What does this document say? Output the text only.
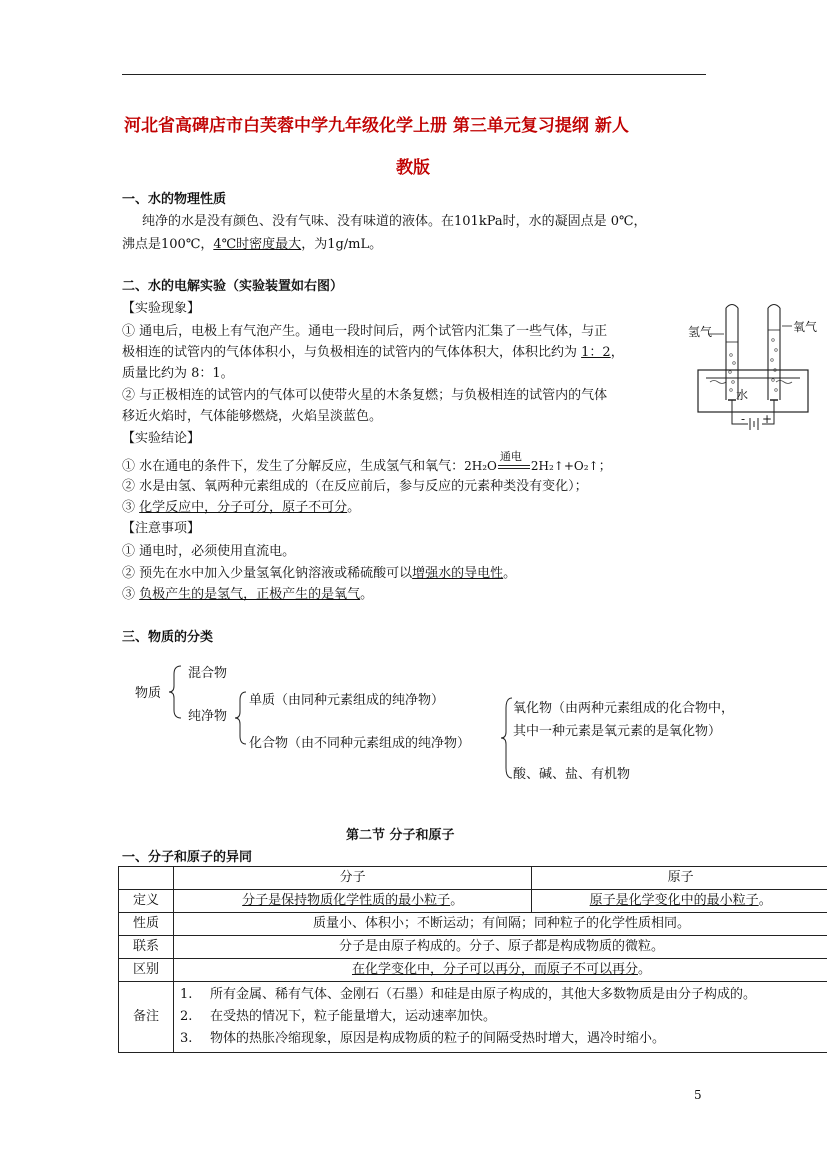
河北省高碑店市白芙蓉中学九年级化学上册 第三单元复习提纲 新人
教版
一、水的物理性质
纯净的水是没有颜色、没有气味、没有味道的液体。在101kPa时，水的凝固点是 0℃，
沸点是100℃，4℃时密度最大，为1g/mL。
二、水的电解实验（实验装置如右图）
【实验现象】
① 通电后，电极上有气泡产生。通电一段时间后，两个试管内汇集了一些气体，与正
极相连的试管内的气体体积小，与负极相连的试管内的气体体积大，体积比约为 1：2，
质量比约为 8：1。
② 与正极相连的试管内的气体可以使带火星的木条复燃；与负极相连的试管内的气体
移近火焰时，气体能够燃烧，火焰呈淡蓝色。
氢气	氧气
水
- +
【实验结论】
① 水在通电的条件下，发生了分解反应，生成氢气和氧气：2H₂O
通电
2H₂↑+O₂↑；
② 水是由氢、氧两种元素组成的（在反应前后，参与反应的元素种类没有变化）；
③ 化学反应中，分子可分，原子不可分。
【注意事项】
① 通电时，必须使用直流电。
② 预先在水中加入少量氢氧化钠溶液或稀硫酸可以增强水的导电性。
③ 负极产生的是氢气，正极产生的是氧气。
三、物质的分类
物质
混合物
纯净物
单质（由同种元素组成的纯净物）
化合物（由不同种元素组成的纯净物）
氧化物（由两种元素组成的化合物中，
其中一种元素是氧元素的是氧化物）
酸、碱、盐、有机物
第二节 分子和原子
一、分子和原子的异同
	分子	原子
定义	分子是保持物质化学性质的最小粒子。	原子是化学变化中的最小粒子。
性质	质量小、体积小；不断运动；有间隔；同种粒子的化学性质相同。	
联系	分子是由原子构成的。分子、原子都是构成物质的微粒。	
区别	在化学变化中，分子可以再分，而原子不可以再分。	
备注	1. 所有金属、稀有气体、金刚石（石墨）和硅是由原子构成的，其他大多数物质是由分子构成的。
2. 在受热的情况下，粒子能量增大，运动速率加快。
3. 物体的热胀冷缩现象，原因是构成物质的粒子的间隔受热时增大，遇冷时缩小。	
5
